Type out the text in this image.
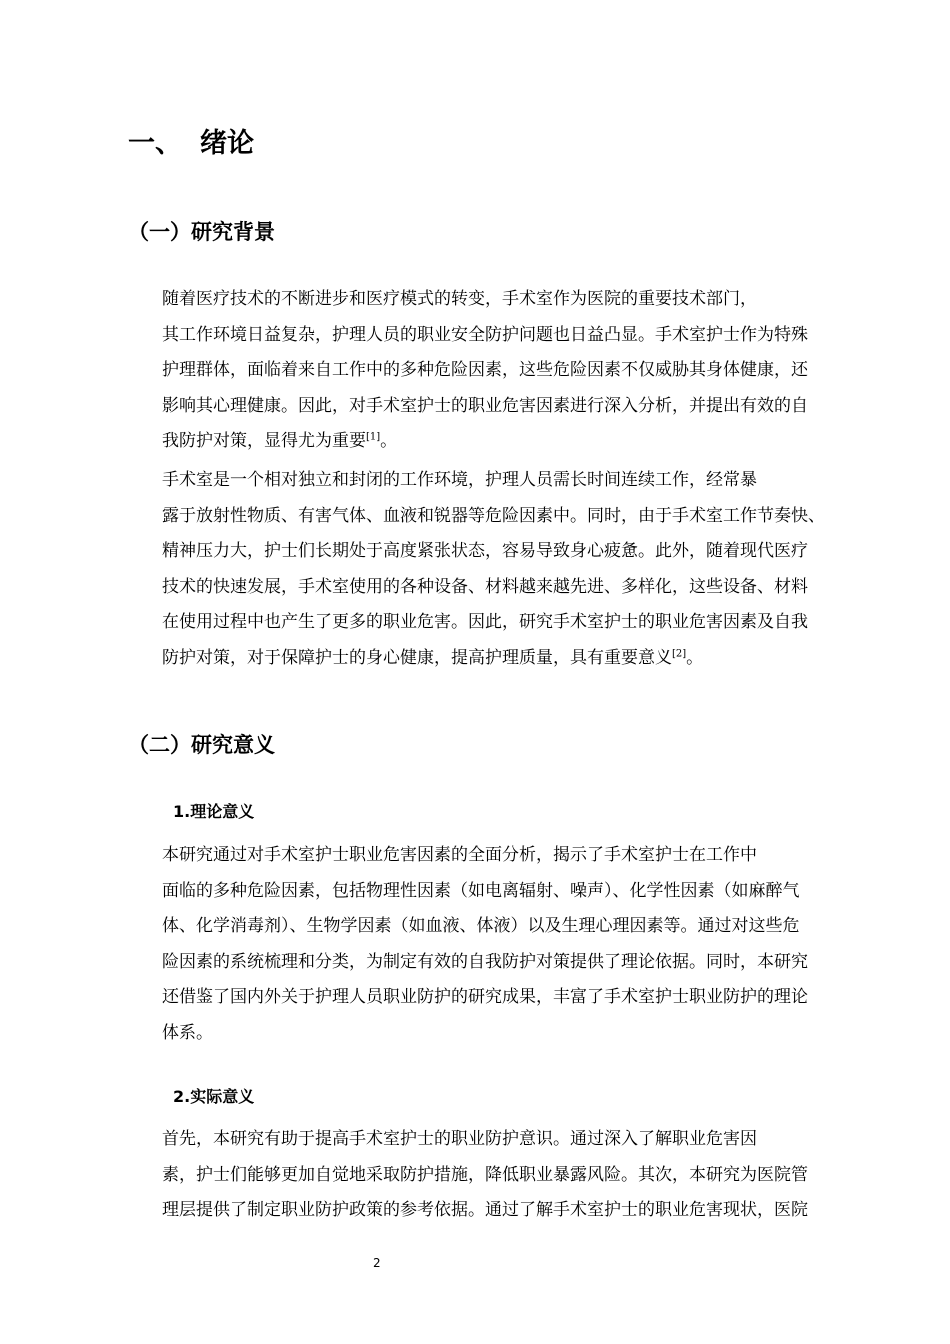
一、 绪论
（一）研究背景

随着医疗技术的不断进步和医疗模式的转变，手术室作为医院的重要技术部门，
其工作环境日益复杂，护理人员的职业安全防护问题也日益凸显。手术室护士作为特殊
护理群体，面临着来自工作中的多种危险因素，这些危险因素不仅威胁其身体健康，还
影响其心理健康。因此，对手术室护士的职业危害因素进行深入分析，并提出有效的自
我防护对策，显得尤为重要[1]。

手术室是一个相对独立和封闭的工作环境，护理人员需长时间连续工作，经常暴
露于放射性物质、有害气体、血液和锐器等危险因素中。同时，由于手术室工作节奏快、
精神压力大，护士们长期处于高度紧张状态，容易导致身心疲惫。此外，随着现代医疗
技术的快速发展，手术室使用的各种设备、材料越来越先进、多样化，这些设备、材料
在使用过程中也产生了更多的职业危害。因此，研究手术室护士的职业危害因素及自我
防护对策，对于保障护士的身心健康，提高护理质量，具有重要意义[2]。

（二）研究意义
1.理论意义

本研究通过对手术室护士职业危害因素的全面分析，揭示了手术室护士在工作中
面临的多种危险因素，包括物理性因素（如电离辐射、噪声）、化学性因素（如麻醉气
体、化学消毒剂）、生物学因素（如血液、体液）以及生理心理因素等。通过对这些危
险因素的系统梳理和分类，为制定有效的自我防护对策提供了理论依据。同时，本研究
还借鉴了国内外关于护理人员职业防护的研究成果，丰富了手术室护士职业防护的理论
体系。

2.实际意义

首先，本研究有助于提高手术室护士的职业防护意识。通过深入了解职业危害因
素，护士们能够更加自觉地采取防护措施，降低职业暴露风险。其次，本研究为医院管
理层提供了制定职业防护政策的参考依据。通过了解手术室护士的职业危害现状，医院

2
